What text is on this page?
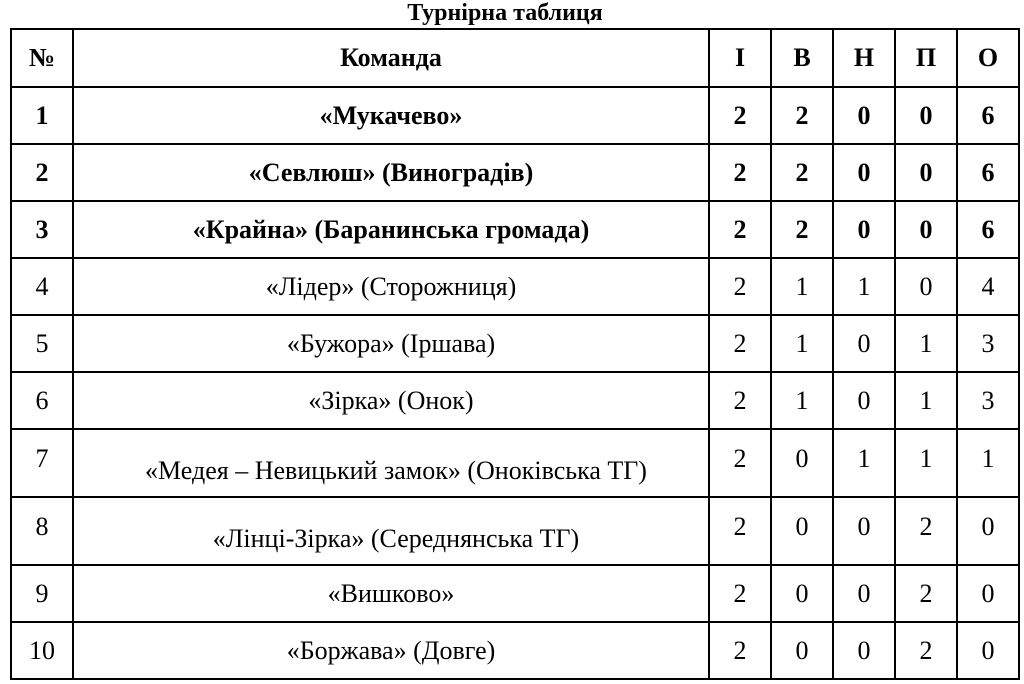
Турнірна таблиця
№	Команда	І	В	Н	П	О
1	«Мукачево»	2	2	0	0	6
2	«Севлюш» (Виноградів)	2	2	0	0	6
3	«Крайна» (Баранинська громада)	2	2	0	0	6
4	«Лідер» (Сторожниця)	2	1	1	0	4
5	«Бужора» (Іршава)	2	1	0	1	3
6	«Зірка» (Онок)	2	1	0	1	3
7	«Медея – Невицький замок» (Оноківська ТГ)	2	0	1	1	1
8	«Лінці-Зірка» (Середнянська ТГ)	2	0	0	2	0
9	«Вишково»	2	0	0	2	0
10	«Боржава» (Довге)	2	0	0	2	0
